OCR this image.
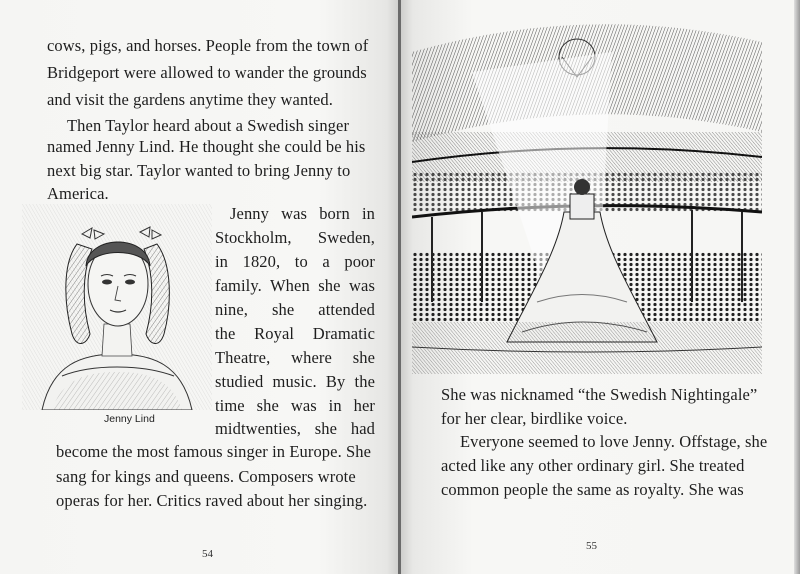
cows, pigs, and horses. People from the town of
Bridgeport were allowed to wander the grounds
and visit the gardens anytime they wanted.
Then Taylor heard about a Swedish singer
named Jenny Lind. He thought she could be his
next big star. Taylor wanted to bring Jenny to
America.
Jenny was born in
Stockholm, Sweden,
in 1820, to a poor
family. When she was
nine, she attended
the Royal Dramatic
Theatre, where she
studied music. By the
time she was in her
midtwenties, she had
Jenny Lind
become the most famous singer in Europe. She
sang for kings and queens. Composers wrote
operas for her. Critics raved about her singing.
54
She was nicknamed “the Swedish Nightingale”
for her clear, birdlike voice.
Everyone seemed to love Jenny. Offstage, she
acted like any other ordinary girl. She treated
common people the same as royalty. She was
55
